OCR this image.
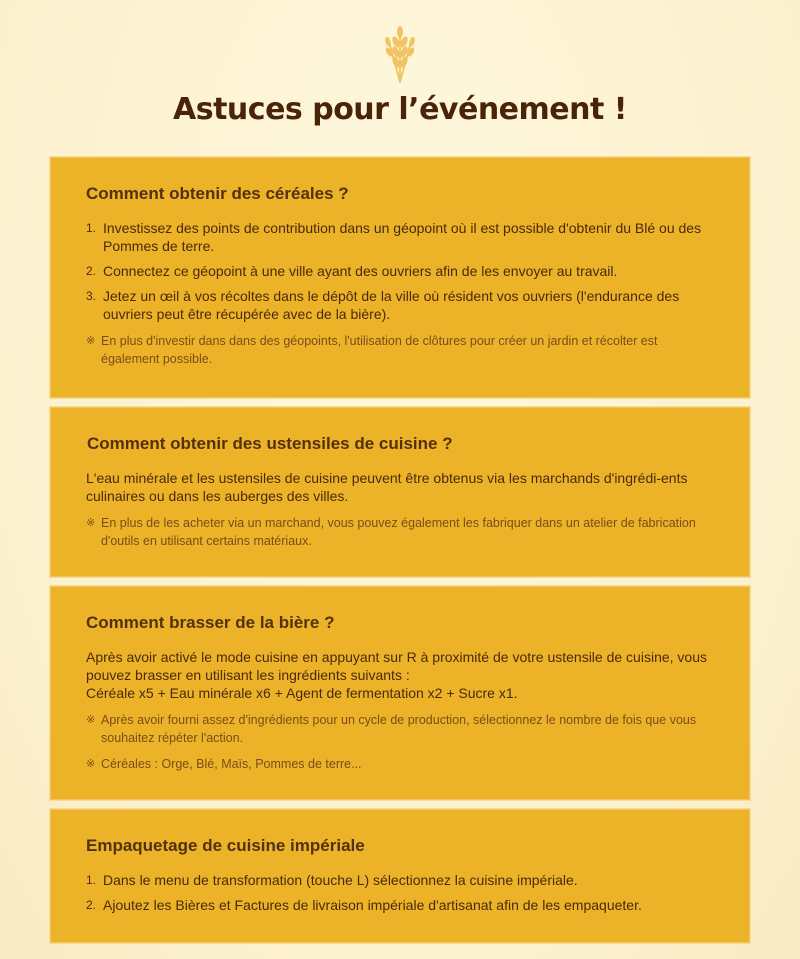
Astuces pour l’événement !
Comment obtenir des céréales ?
1. Investissez des points de contribution dans un géopoint où il est possible d'obtenir du Blé ou des Pommes de terre.
2. Connectez ce géopoint à une ville ayant des ouvriers afin de les envoyer au travail.
3. Jetez un œil à vos récoltes dans le dépôt de la ville où résident vos ouvriers (l'endurance des ouvriers peut être récupérée avec de la bière).

※ En plus d'investir dans dans des géopoints, l'utilisation de clôtures pour créer un jardin et récolter est également possible.

Comment obtenir des ustensiles de cuisine ?

L'eau minérale et les ustensiles de cuisine peuvent être obtenus via les marchands d'ingrédi-ents culinaires ou dans les auberges des villes.

※ En plus de les acheter via un marchand, vous pouvez également les fabriquer dans un atelier de fabrication d'outils en utilisant certains matériaux.

Comment brasser de la bière ?

Après avoir activé le mode cuisine en appuyant sur R à proximité de votre ustensile de cuisine, vous pouvez brasser en utilisant les ingrédients suivants :

Céréale x5 + Eau minérale x6 + Agent de fermentation x2 + Sucre x1.

※ Après avoir fourni assez d'ingrédients pour un cycle de production, sélectionnez le nombre de fois que vous souhaitez répéter l'action.

※ Céréales : Orge, Blé, Maïs, Pommes de terre...

Empaquetage de cuisine impériale
1. Dans le menu de transformation (touche L) sélectionnez la cuisine impériale.
2. Ajoutez les Bières et Factures de livraison impériale d'artisanat afin de les empaqueter.
